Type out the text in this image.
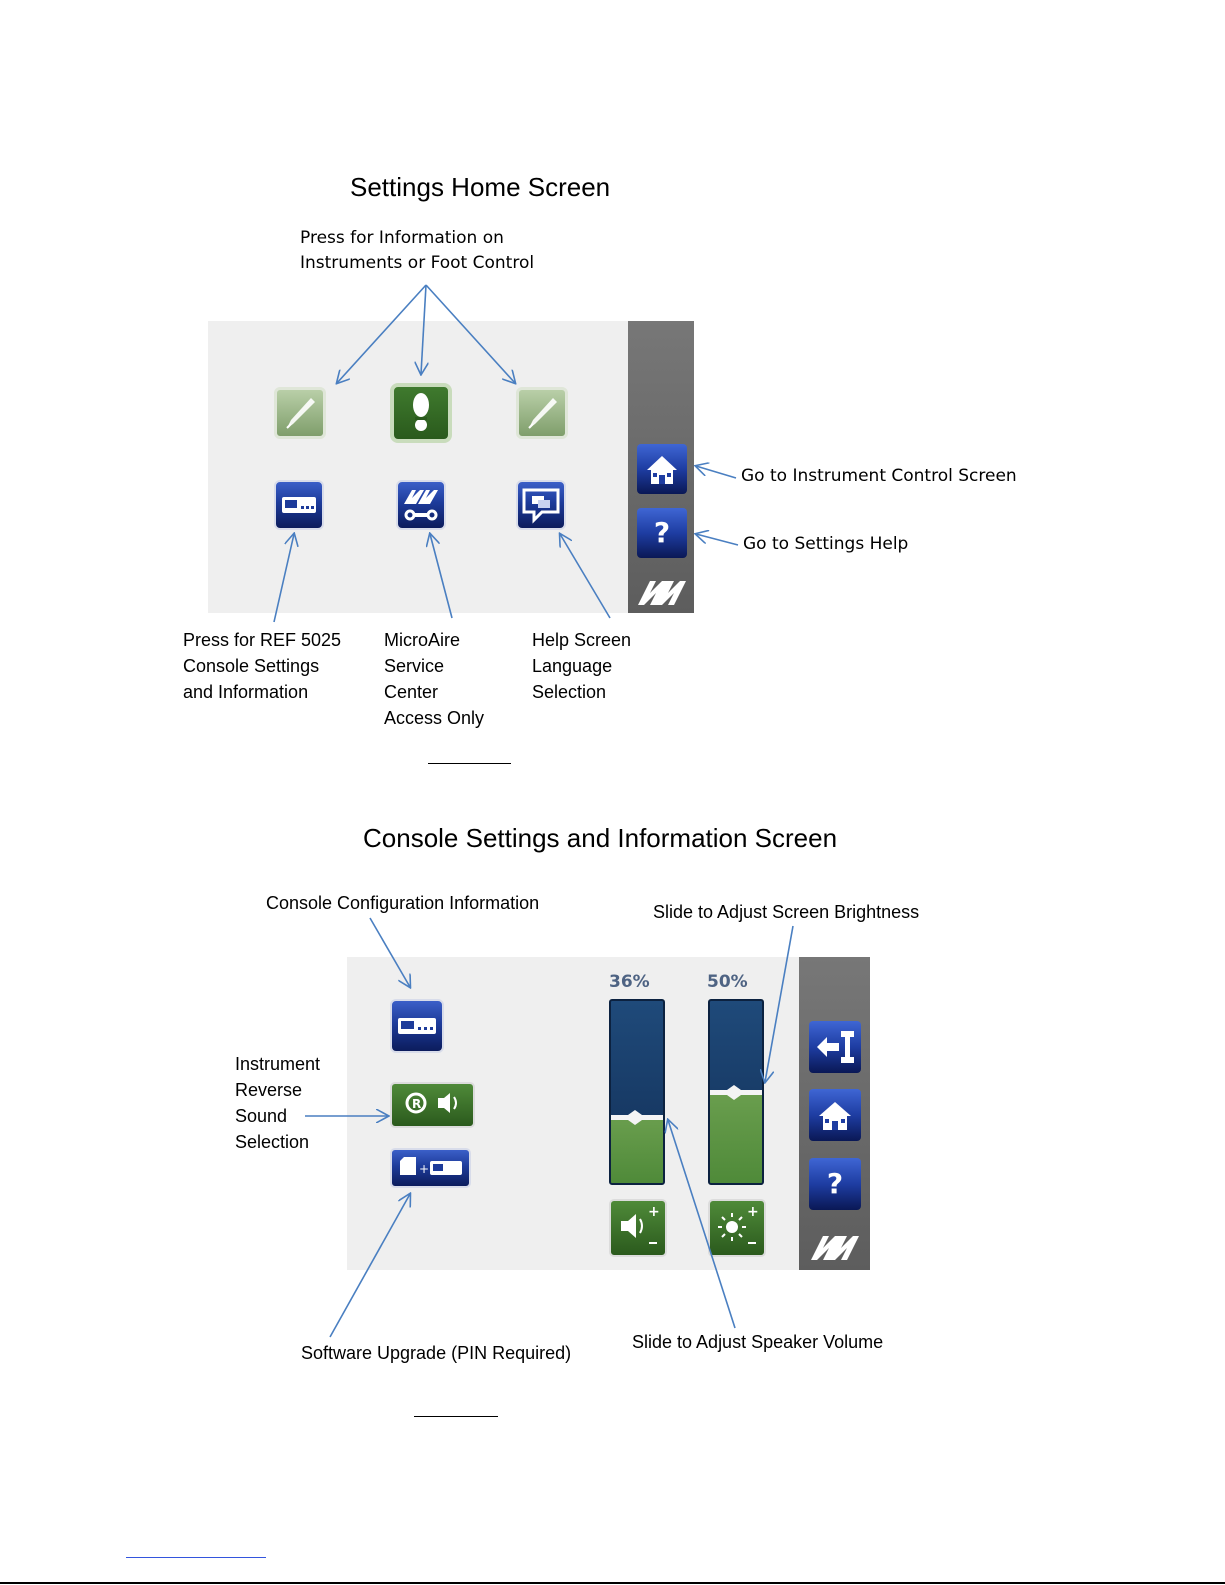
Settings Home Screen
Press for Information on
Instruments or Foot Control
?
Go to Instrument Control Screen
Go to Settings Help
Press for REF 5025
Console Settings
and Information
MicroAire
Service
Center
Access Only
Help Screen
Language
Selection
Console Settings and Information Screen
Console Configuration Information	Slide to Adjust Screen Brightness
R
+
36%	50%
+	+
?
Instrument
Reverse
Sound
Selection
Software Upgrade (PIN Required)
Slide to Adjust Speaker Volume
